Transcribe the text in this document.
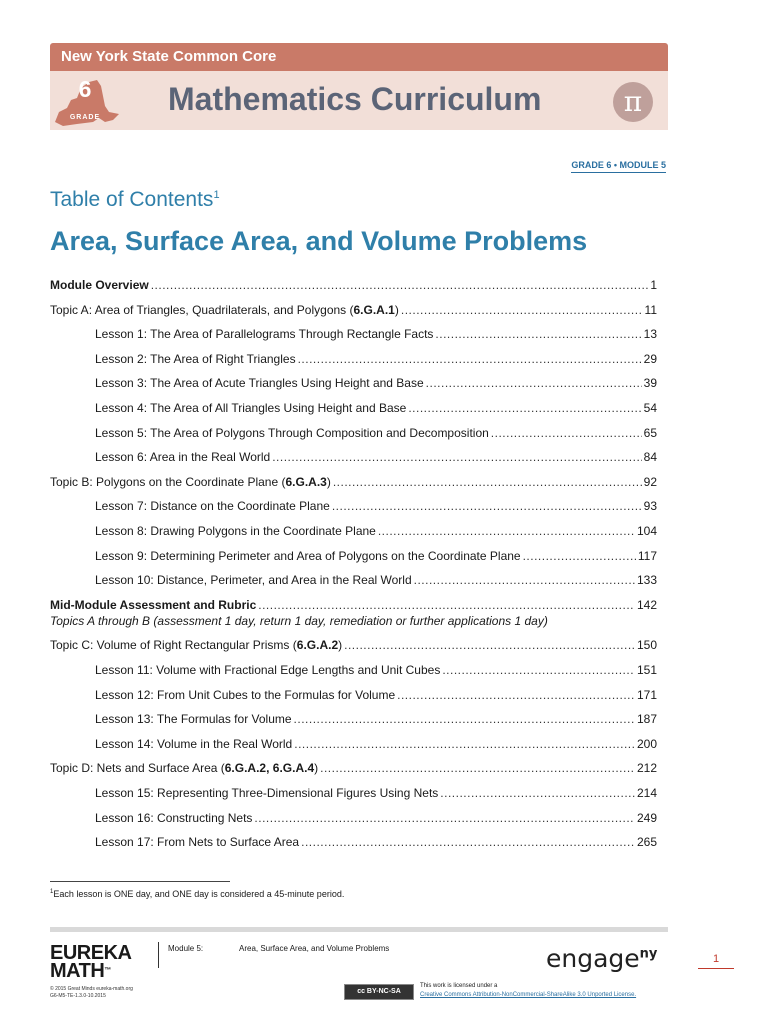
New York State Common Core
6
GRADE
Mathematics Curriculum	π
GRADE 6 • MODULE 5
Table of Contents$^1$
Area, Surface Area, and Volume Problems
Module Overview .....	1
Topic A: Area of Triangles, Quadrilaterals, and Polygons (6.G.A.1) .....	11
Lesson 1: The Area of Parallelograms Through Rectangle Facts .....	13
Lesson 2: The Area of Right Triangles .....	29
Lesson 3: The Area of Acute Triangles Using Height and Base .....	39
Lesson 4: The Area of All Triangles Using Height and Base .....	54
Lesson 5: The Area of Polygons Through Composition and Decomposition .....	65
Lesson 6: Area in the Real World .....	84
Topic B: Polygons on the Coordinate Plane (6.G.A.3) .....	92
Lesson 7: Distance on the Coordinate Plane .....	93
Lesson 8: Drawing Polygons in the Coordinate Plane .....	104
Lesson 9: Determining Perimeter and Area of Polygons on the Coordinate Plane .....	117
Lesson 10: Distance, Perimeter, and Area in the Real World .....	133
Mid-Module Assessment and Rubric .....	142
Topics A through B (assessment 1 day, return 1 day, remediation or further applications 1 day)
Topic C: Volume of Right Rectangular Prisms (6.G.A.2) .....	150
Lesson 11: Volume with Fractional Edge Lengths and Unit Cubes .....	151
Lesson 12: From Unit Cubes to the Formulas for Volume .....	171
Lesson 13: The Formulas for Volume .....	187
Lesson 14: Volume in the Real World .....	200
Topic D: Nets and Surface Area (6.G.A.2, 6.G.A.4) .....	212
Lesson 15: Representing Three-Dimensional Figures Using Nets .....	214
Lesson 16: Constructing Nets .....	249
Lesson 17: From Nets to Surface Area .....	265
$^1$Each lesson is ONE day, and ONE day is considered a 45-minute period.
EUREKA
MATH™
Module 5:	Area, Surface Area, and Volume Problems
© 2015 Great Minds eureka-math.org
G6-M5-TE-1.3.0-10.2015
engage$^{ny}$	1
cc BY-NC-SA
This work is licensed under a
Creative Commons Attribution-NonCommercial-ShareAlike 3.0 Unported License.
